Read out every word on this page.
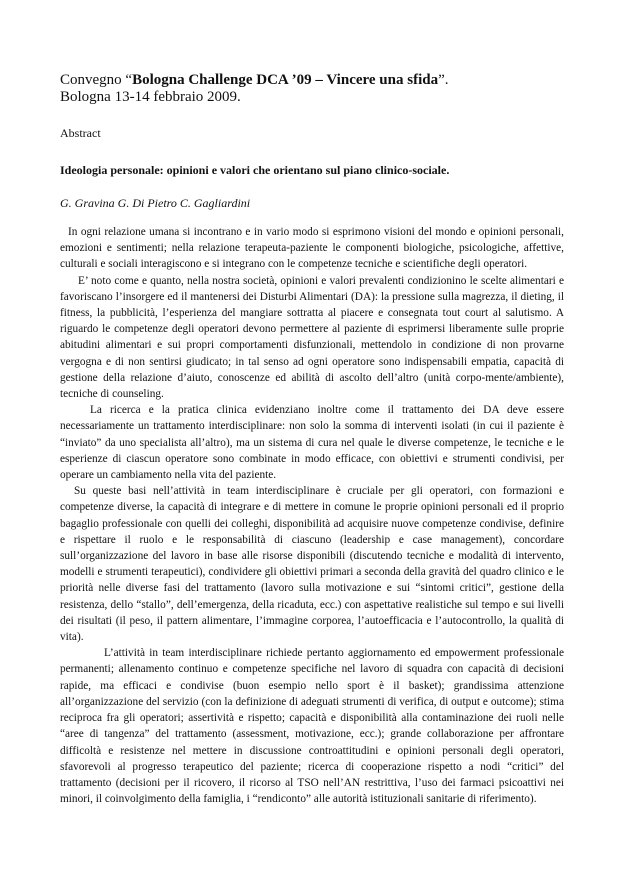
Convegno “Bologna Challenge DCA ’09 – Vincere una sfida”.

Bologna 13-14 febbraio 2009.

Abstract

Ideologia personale: opinioni e valori che orientano sul piano clinico-sociale.

G. Gravina G. Di Pietro C. Gagliardini

In ogni relazione umana si incontrano e in vario modo si esprimono visioni del mondo e opinioni personali, emozioni e sentimenti; nella relazione terapeuta-paziente le componenti biologiche, psicologiche, affettive, culturali e sociali interagiscono e si integrano con le competenze tecniche e scientifiche degli operatori.

E’ noto come e quanto, nella nostra società, opinioni e valori prevalenti condizionino le scelte alimentari e favoriscano l’insorgere ed il mantenersi dei Disturbi Alimentari (DA): la pressione sulla magrezza, il dieting, il fitness, la pubblicità, l’esperienza del mangiare sottratta al piacere e consegnata tout court al salutismo. A riguardo le competenze degli operatori devono permettere al paziente di esprimersi liberamente sulle proprie abitudini alimentari e sui propri comportamenti disfunzionali, mettendolo in condizione di non provarne vergogna e di non sentirsi giudicato; in tal senso ad ogni operatore sono indispensabili empatia, capacità di gestione della relazione d’aiuto, conoscenze ed abilità di ascolto dell’altro (unità corpo-mente/ambiente), tecniche di counseling.

La ricerca e la pratica clinica evidenziano inoltre come il trattamento dei DA deve essere necessariamente un trattamento interdisciplinare: non solo la somma di interventi isolati (in cui il paziente è “inviato” da uno specialista all’altro), ma un sistema di cura nel quale le diverse competenze, le tecniche e le esperienze di ciascun operatore sono combinate in modo efficace, con obiettivi e strumenti condivisi, per operare un cambiamento nella vita del paziente.

Su queste basi nell’attività in team interdisciplinare è cruciale per gli operatori, con formazioni e competenze diverse, la capacità di integrare e di mettere in comune le proprie opinioni personali ed il proprio bagaglio professionale con quelli dei colleghi, disponibilità ad acquisire nuove competenze condivise, definire e rispettare il ruolo e le responsabilità di ciascuno (leadership e case management), concordare sull’organizzazione del lavoro in base alle risorse disponibili (discutendo tecniche e modalità di intervento, modelli e strumenti terapeutici), condividere gli obiettivi primari a seconda della gravità del quadro clinico e le priorità nelle diverse fasi del trattamento (lavoro sulla motivazione e sui “sintomi critici”, gestione della resistenza, dello “stallo”, dell’emergenza, della ricaduta, ecc.) con aspettative realistiche sul tempo e sui livelli dei risultati (il peso, il pattern alimentare, l’immagine corporea, l’autoefficacia e l’autocontrollo, la qualità di vita).

L’attività in team interdisciplinare richiede pertanto aggiornamento ed empowerment professionale permanenti; allenamento continuo e competenze specifiche nel lavoro di squadra con capacità di decisioni rapide, ma efficaci e condivise (buon esempio nello sport è il basket); grandissima attenzione all’organizzazione del servizio (con la definizione di adeguati strumenti di verifica, di output e outcome); stima reciproca fra gli operatori; assertività e rispetto; capacità e disponibilità alla contaminazione dei ruoli nelle “aree di tangenza” del trattamento (assessment, motivazione, ecc.); grande collaborazione per affrontare difficoltà e resistenze nel mettere in discussione controattitudini e opinioni personali degli operatori, sfavorevoli al progresso terapeutico del paziente; ricerca di cooperazione rispetto a nodi “critici” del trattamento (decisioni per il ricovero, il ricorso al TSO nell’AN restrittiva, l’uso dei farmaci psicoattivi nei minori, il coinvolgimento della famiglia, i “rendiconto” alle autorità istituzionali sanitarie di riferimento).
